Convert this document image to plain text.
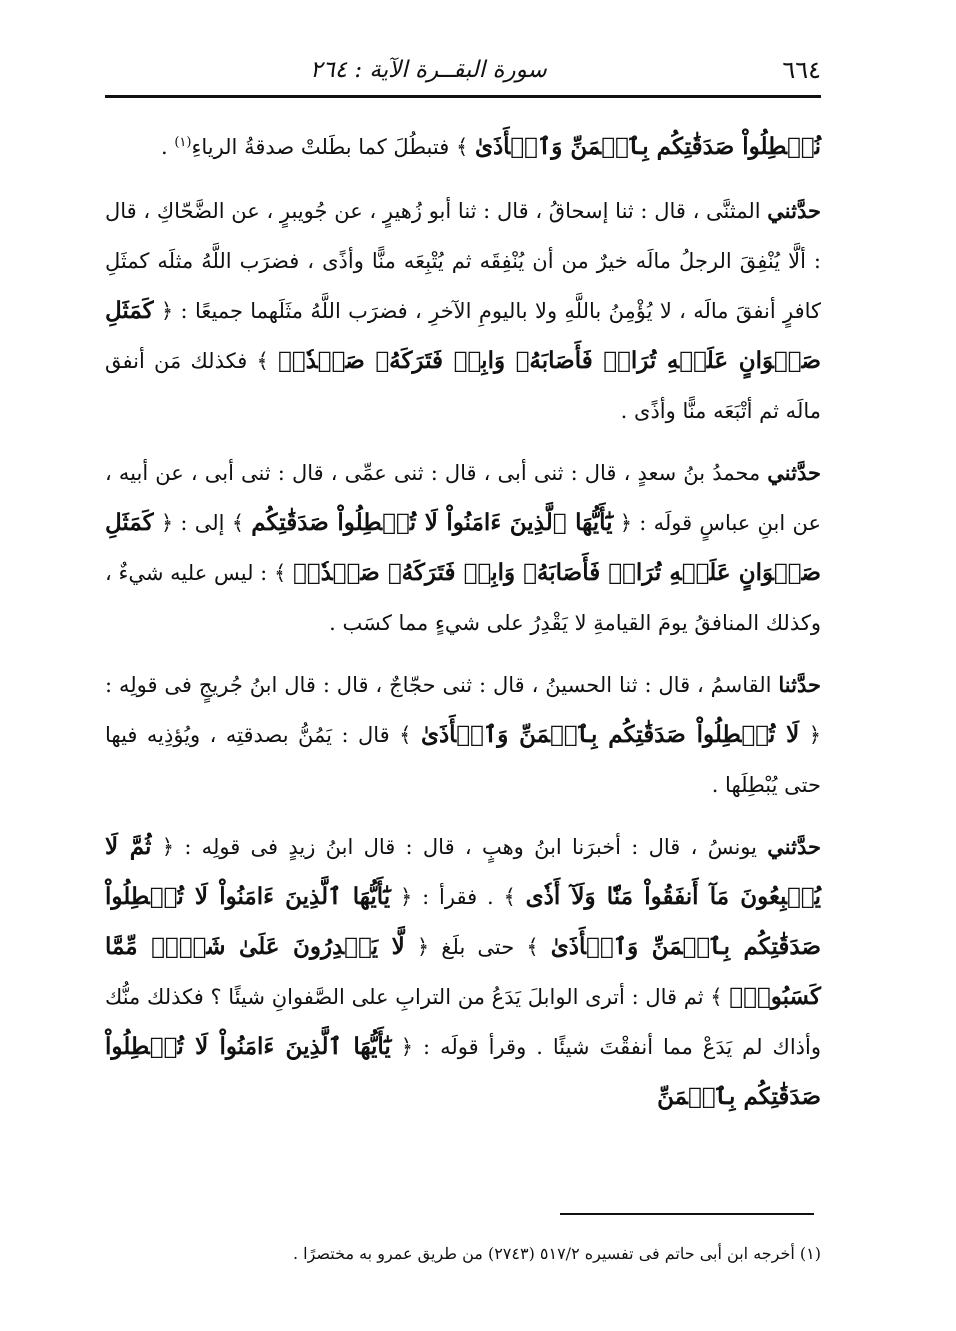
٦٦٤
سورة البقــرة الآية : ٢٦٤

نُبۡطِلُواْ صَدَقَٰتِكُم بِٱلۡمَنِّ وَٱلۡأَذَىٰ ﴾ فتبطُلَ كما بطَلتْ صدقةُ الرياءِ$^{(١)}$ .

حدَّثني المثنَّى ، قال : ثنا إسحاقُ ، قال : ثنا أبو زُهيرٍ ، عن جُويبرٍ ، عن الضَّحّاكِ ، قال : ألَّا يُنْفِقَ الرجلُ مالَه خيرٌ من أن يُنْفِقَه ثم يُتْبِعَه منًّا وأذًى ، فضرَب اللَّهُ مثلَه كمثَلِ كافرٍ أنفقَ مالَه ، لا يُؤْمِنُ باللَّهِ ولا باليومِ الآخرِ ، فضرَب اللَّهُ مثَلَهما جميعًا : ﴿ كَمَثَلِ صَفۡوَانٍ عَلَيۡهِ تُرَابٞ فَأَصَابَهُۥ وَابِلٞ فَتَرَكَهُۥ صَلۡدٗاۖ ﴾ فكذلك مَن أنفق مالَه ثم أتْبَعَه منًّا وأذًى .

حدَّثني محمدُ بنُ سعدٍ ، قال : ثنى أبى ، قال : ثنى عمِّى ، قال : ثنى أبى ، عن أبيه ، عن ابنِ عباسٍ قولَه : ﴿ يَٰٓأَيُّهَا ٱلَّذِينَ ءَامَنُواْ لَا تُبۡطِلُواْ صَدَقَٰتِكُم ﴾ إلى : ﴿ كَمَثَلِ صَفۡوَانٍ عَلَيۡهِ تُرَابٞ فَأَصَابَهُۥ وَابِلٞ فَتَرَكَهُۥ صَلۡدٗاۖ ﴾ : ليس عليه شيءٌ ، وكذلك المنافقُ يومَ القيامةِ لا يَقْدِرُ على شيءٍ مما كسَب .

حدَّثنا القاسمُ ، قال : ثنا الحسينُ ، قال : ثنى حجّاجٌ ، قال : قال ابنُ جُريجٍ فى قولِه : ﴿ لَا تُبۡطِلُواْ صَدَقَٰتِكُم بِٱلۡمَنِّ وَٱلۡأَذَىٰ ﴾ قال : يَمُنُّ بصدقتِه ، ويُؤذِيه فيها حتى يُبْطِلَها .

حدَّثني يونسُ ، قال : أخبرَنا ابنُ وهبٍ ، قال : قال ابنُ زيدٍ فى قولِه : ﴿ ثُمَّ لَا يُتۡبِعُونَ مَآ أَنفَقُواْ مَنّٗا وَلَآ أَذٗى ﴾ . فقرأ : ﴿ يَٰٓأَيُّهَا ٱلَّذِينَ ءَامَنُواْ لَا تُبۡطِلُواْ صَدَقَٰتِكُم بِٱلۡمَنِّ وَٱلۡأَذَىٰ ﴾ حتى بلَغ ﴿ لَّا يَقۡدِرُونَ عَلَىٰ شَيۡءٖ مِّمَّا كَسَبُواْۗ ﴾ ثم قال : أترى الوابلَ يَدَعُ من الترابِ على الصَّفوانِ شيئًا ؟ فكذلك منُّك وأذاك لم يَدَعْ مما أنفقْتَ شيئًا . وقرأ قولَه : ﴿ يَٰٓأَيُّهَا ٱلَّذِينَ ءَامَنُواْ لَا تُبۡطِلُواْ صَدَقَٰتِكُم بِٱلۡمَنِّ

(١) أخرجه ابن أبى حاتم فى تفسيره ٥١٧/٢ (٢٧٤٣) من طريق عمرو به مختصرًا .
